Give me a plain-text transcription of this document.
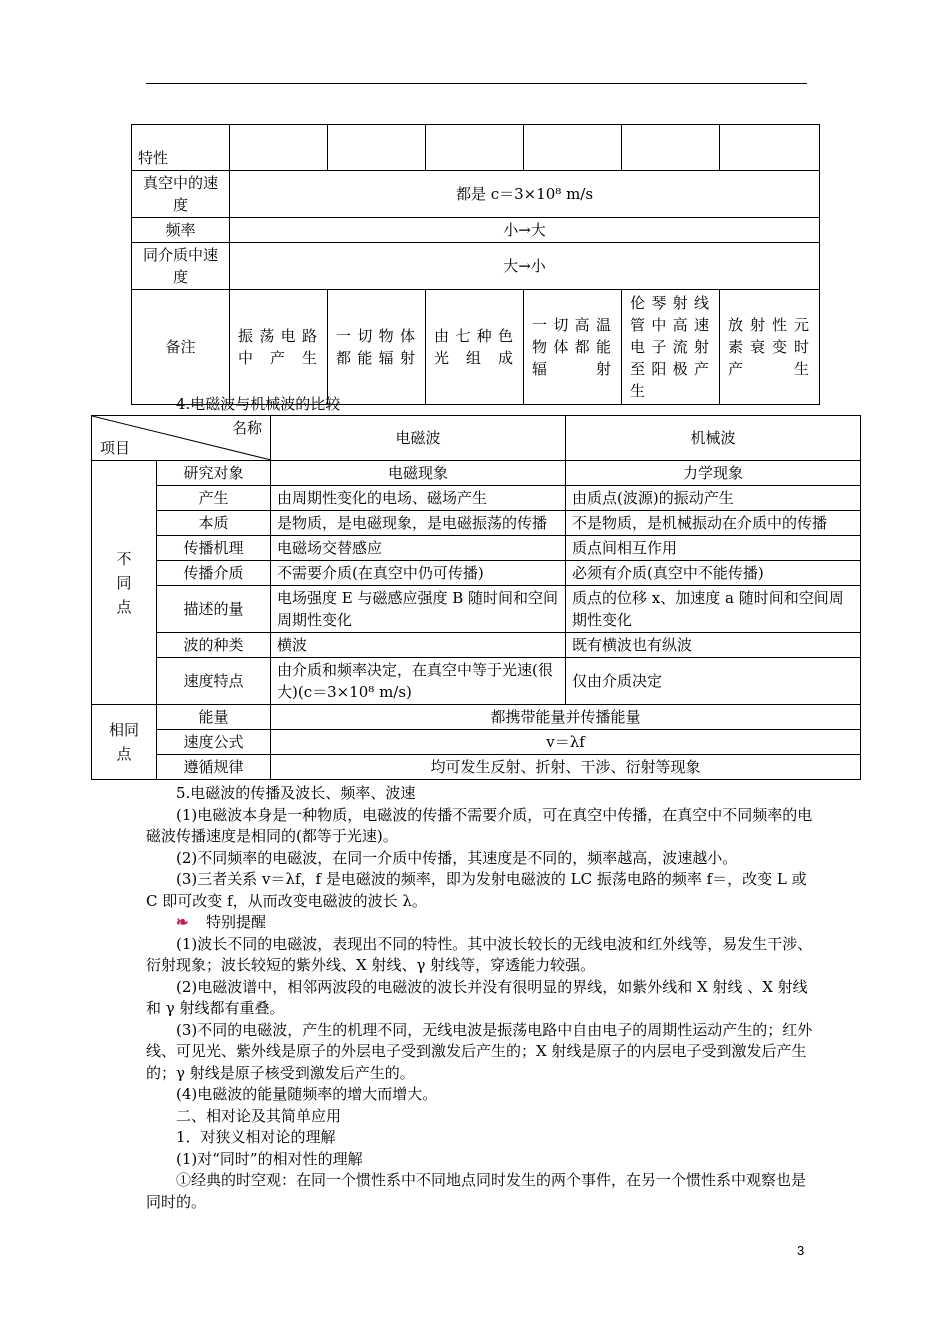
特性						
真空中的速度	都是 c＝3×10⁸ m/s					
频率	小→大					
同介质中速度	大→小					
备注	振荡电路中产生	一切物体都能辐射	由七种色光组成	一切高温物体都能辐射	伦琴射线管中高速电子流射至阳极产生	放射性元素衰变时产生
4.电磁波与机械波的比较
名称
项目		电磁波	机械波

不同点	研究对象	电磁现象	力学现象
	产生	由周期性变化的电场、磁场产生	由质点(波源)的振动产生
	本质	是物质，是电磁现象，是电磁振荡的传播	不是物质，是机械振动在介质中的传播
	传播机理	电磁场交替感应	质点间相互作用
	传播介质	不需要介质(在真空中仍可传播)	必须有介质(真空中不能传播)
	描述的量	电场强度 E 与磁感应强度 B 随时间和空间周期性变化	质点的位移 x、加速度 a 随时间和空间周期性变化
	波的种类	横波	既有横波也有纵波
	速度特点	由介质和频率决定，在真空中等于光速(很大)(c＝3×10⁸ m/s)	仅由介质决定

相同点	能量	都携带能量并传播能量	
	速度公式	v＝λf	
	遵循规律	均可发生反射、折射、干涉、衍射等现象	

5.电磁波的传播及波长、频率、波速

(1)电磁波本身是一种物质，电磁波的传播不需要介质，可在真空中传播，在真空中不同频率的电磁波传播速度是相同的(都等于光速)。

(2)不同频率的电磁波，在同一介质中传播，其速度是不同的，频率越高，波速越小。

(3)三者关系 v＝λf，f 是电磁波的频率，即为发射电磁波的 LC 振荡电路的频率 f＝，改变 L 或 C 即可改变 f，从而改变电磁波的波长 λ。

❧ 特别提醒

(1)波长不同的电磁波，表现出不同的特性。其中波长较长的无线电波和红外线等，易发生干涉、衍射现象；波长较短的紫外线、X 射线、γ 射线等，穿透能力较强。

(2)电磁波谱中，相邻两波段的电磁波的波长并没有很明显的界线，如紫外线和 X 射线 、X 射线和 γ 射线都有重叠。

(3)不同的电磁波，产生的机理不同，无线电波是振荡电路中自由电子的周期性运动产生的；红外线、可见光、紫外线是原子的外层电子受到激发后产生的；X 射线是原子的内层电子受到激发后产生的；γ 射线是原子核受到激发后产生的。

(4)电磁波的能量随频率的增大而增大。

二、相对论及其简单应用

1．对狭义相对论的理解

(1)对“同时”的相对性的理解

①经典的时空观：在同一个惯性系中不同地点同时发生的两个事件，在另一个惯性系中观察也是同时的。

3
